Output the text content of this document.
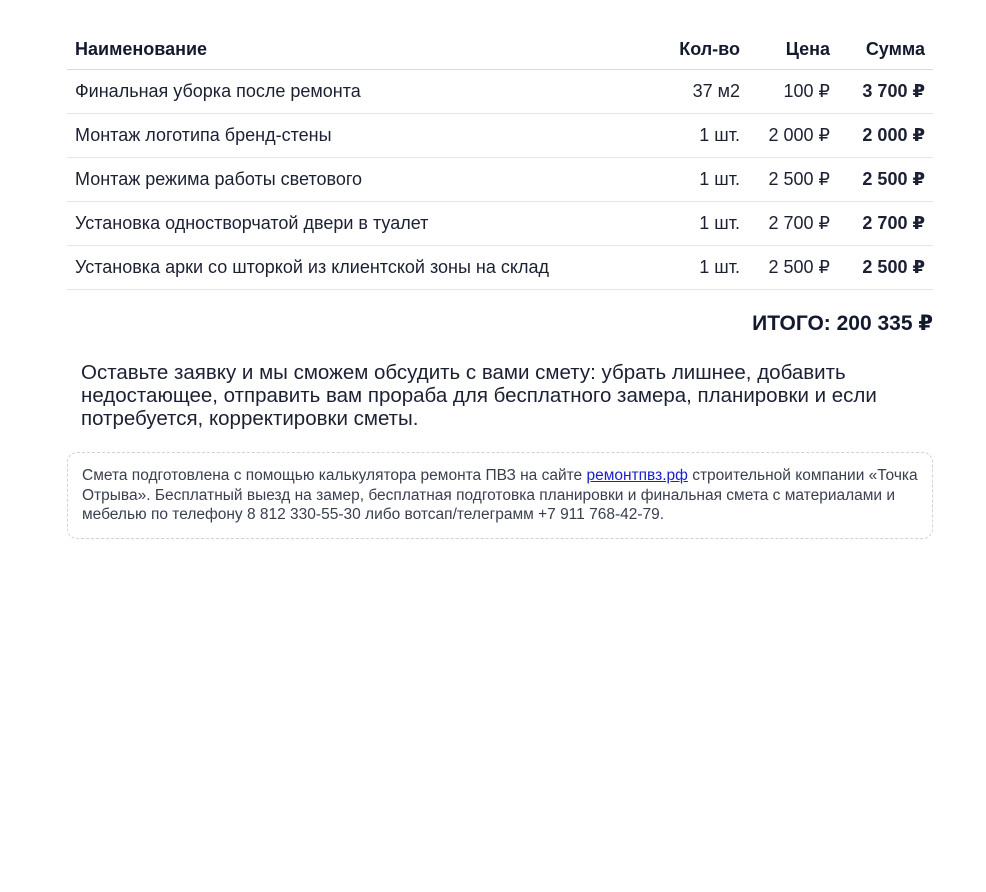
Наименование	Кол-во	Цена	Сумма
Финальная уборка после ремонта	37 м2	100 ₽	3 700 ₽
Монтаж логотипа бренд-стены	1 шт.	2 000 ₽	2 000 ₽
Монтаж режима работы светового	1 шт.	2 500 ₽	2 500 ₽
Установка одностворчатой двери в туалет	1 шт.	2 700 ₽	2 700 ₽
Установка арки со шторкой из клиентской зоны на склад	1 шт.	2 500 ₽	2 500 ₽
ИТОГО: 200 335 ₽
Оставьте заявку и мы сможем обсудить с вами смету: убрать лишнее, добавить недостающее, отправить вам прораба для бесплатного замера, планировки и если потребуется, корректировки сметы.
Смета подготовлена с помощью калькулятора ремонта ПВЗ на сайте ремонтпвз.рф строительной компании «Точка Отрыва». Бесплатный выезд на замер, бесплатная подготовка планировки и финальная смета с материалами и мебелью по телефону 8 812 330-55-30 либо вотсап/телеграмм +7 911 768-42-79.
